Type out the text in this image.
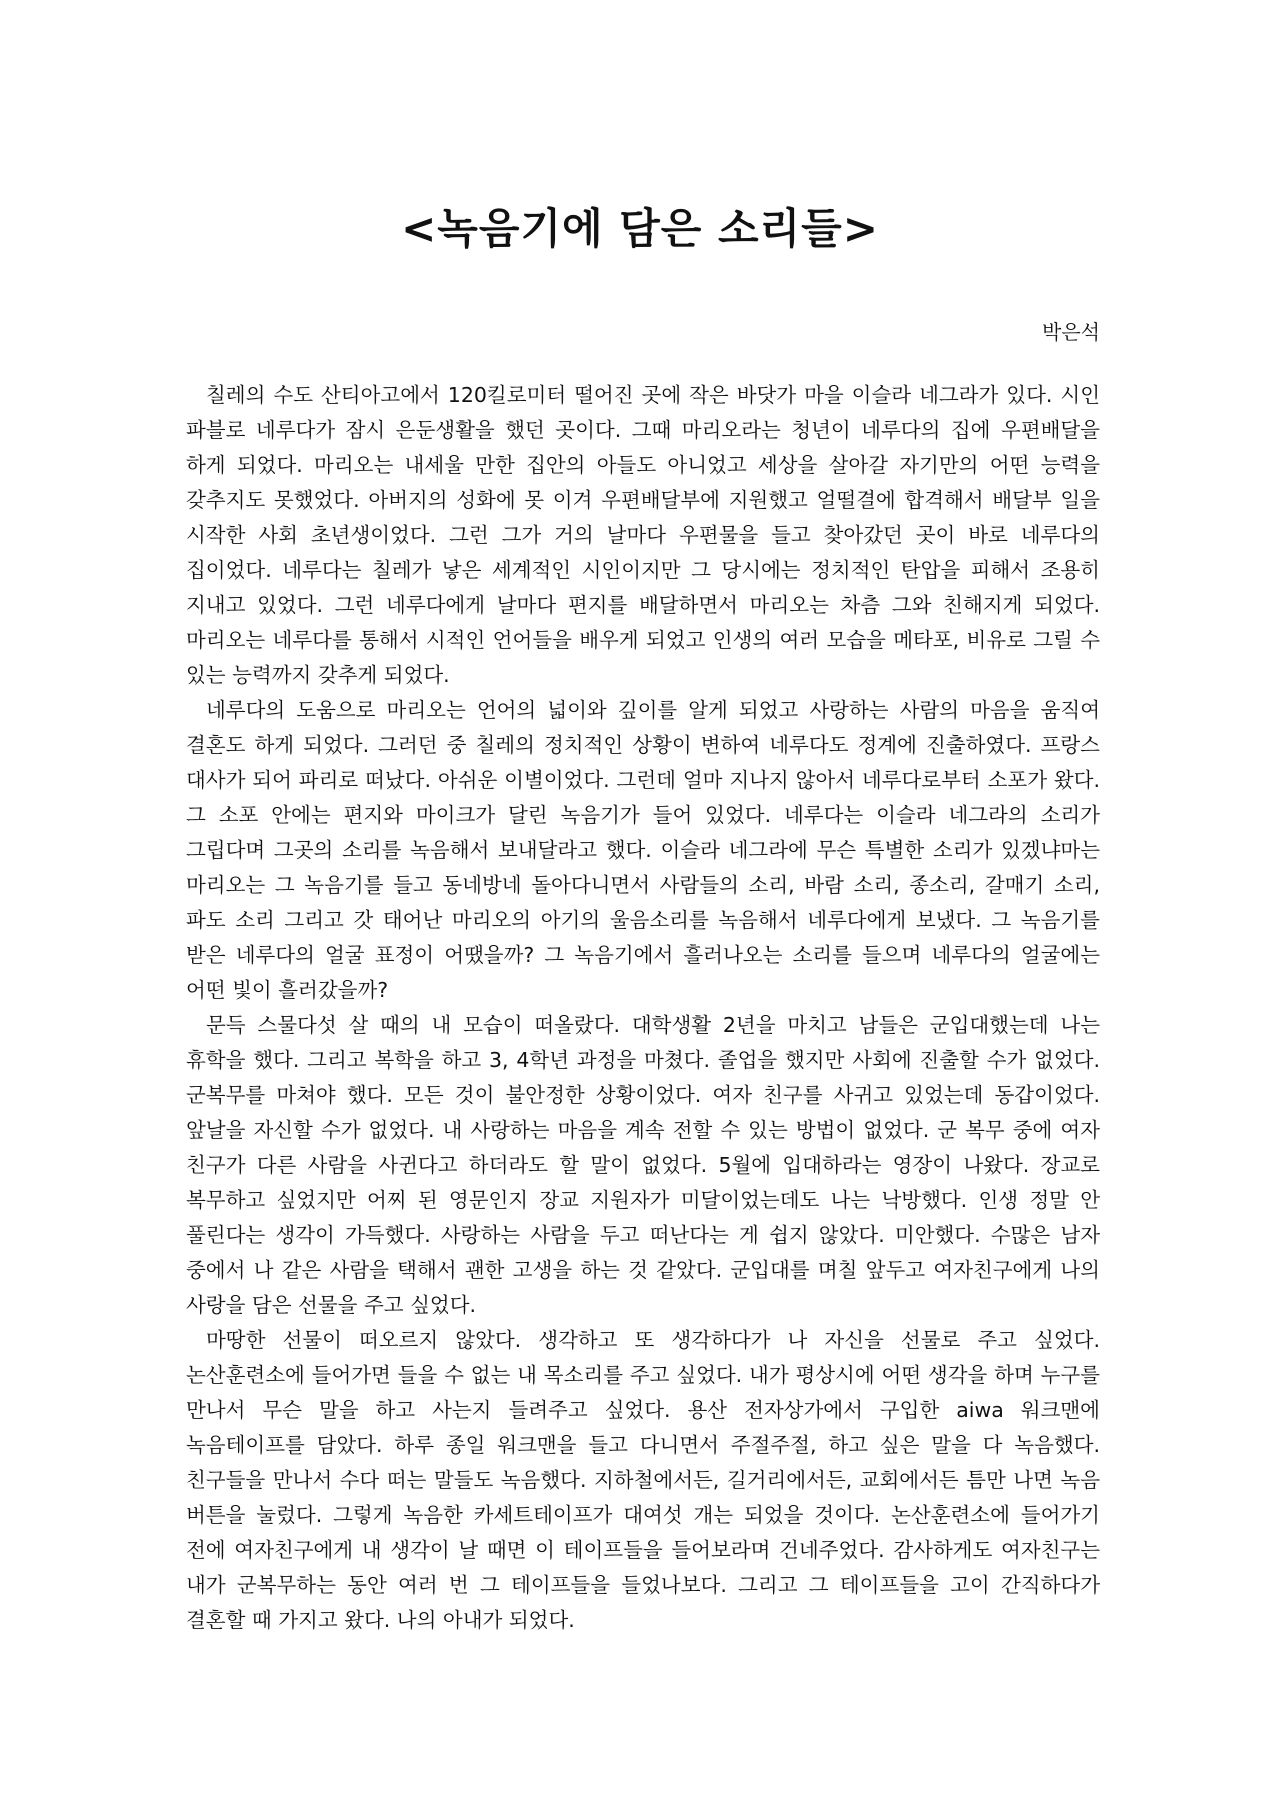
<녹음기에 담은 소리들>

박은석

칠레의 수도 산티아고에서 120킬로미터 떨어진 곳에 작은 바닷가 마을 이슬라 네그라가 있다. 시인 파블로 네루다가 잠시 은둔생활을 했던 곳이다. 그때 마리오라는 청년이 네루다의 집에 우편배달을 하게 되었다. 마리오는 내세울 만한 집안의 아들도 아니었고 세상을 살아갈 자기만의 어떤 능력을 갖추지도 못했었다. 아버지의 성화에 못 이겨 우편배달부에 지원했고 얼떨결에 합격해서 배달부 일을 시작한 사회 초년생이었다. 그런 그가 거의 날마다 우편물을 들고 찾아갔던 곳이 바로 네루다의 집이었다. 네루다는 칠레가 낳은 세계적인 시인이지만 그 당시에는 정치적인 탄압을 피해서 조용히 지내고 있었다. 그런 네루다에게 날마다 편지를 배달하면서 마리오는 차츰 그와 친해지게 되었다. 마리오는 네루다를 통해서 시적인 언어들을 배우게 되었고 인생의 여러 모습을 메타포, 비유로 그릴 수 있는 능력까지 갖추게 되었다.

네루다의 도움으로 마리오는 언어의 넓이와 깊이를 알게 되었고 사랑하는 사람의 마음을 움직여 결혼도 하게 되었다. 그러던 중 칠레의 정치적인 상황이 변하여 네루다도 정계에 진출하였다. 프랑스 대사가 되어 파리로 떠났다. 아쉬운 이별이었다. 그런데 얼마 지나지 않아서 네루다로부터 소포가 왔다. 그 소포 안에는 편지와 마이크가 달린 녹음기가 들어 있었다. 네루다는 이슬라 네그라의 소리가 그립다며 그곳의 소리를 녹음해서 보내달라고 했다. 이슬라 네그라에 무슨 특별한 소리가 있겠냐마는 마리오는 그 녹음기를 들고 동네방네 돌아다니면서 사람들의 소리, 바람 소리, 종소리, 갈매기 소리, 파도 소리 그리고 갓 태어난 마리오의 아기의 울음소리를 녹음해서 네루다에게 보냈다. 그 녹음기를 받은 네루다의 얼굴 표정이 어땠을까? 그 녹음기에서 흘러나오는 소리를 들으며 네루다의 얼굴에는 어떤 빛이 흘러갔을까?

문득 스물다섯 살 때의 내 모습이 떠올랐다. 대학생활 2년을 마치고 남들은 군입대했는데 나는 휴학을 했다. 그리고 복학을 하고 3, 4학년 과정을 마쳤다. 졸업을 했지만 사회에 진출할 수가 없었다. 군복무를 마쳐야 했다. 모든 것이 불안정한 상황이었다. 여자 친구를 사귀고 있었는데 동갑이었다. 앞날을 자신할 수가 없었다. 내 사랑하는 마음을 계속 전할 수 있는 방법이 없었다. 군 복무 중에 여자 친구가 다른 사람을 사귄다고 하더라도 할 말이 없었다. 5월에 입대하라는 영장이 나왔다. 장교로 복무하고 싶었지만 어찌 된 영문인지 장교 지원자가 미달이었는데도 나는 낙방했다. 인생 정말 안 풀린다는 생각이 가득했다. 사랑하는 사람을 두고 떠난다는 게 쉽지 않았다. 미안했다. 수많은 남자 중에서 나 같은 사람을 택해서 괜한 고생을 하는 것 같았다. 군입대를 며칠 앞두고 여자친구에게 나의 사랑을 담은 선물을 주고 싶었다.

마땅한 선물이 떠오르지 않았다. 생각하고 또 생각하다가 나 자신을 선물로 주고 싶었다. 논산훈련소에 들어가면 들을 수 없는 내 목소리를 주고 싶었다. 내가 평상시에 어떤 생각을 하며 누구를 만나서 무슨 말을 하고 사는지 들려주고 싶었다. 용산 전자상가에서 구입한 aiwa 워크맨에 녹음테이프를 담았다. 하루 종일 워크맨을 들고 다니면서 주절주절, 하고 싶은 말을 다 녹음했다. 친구들을 만나서 수다 떠는 말들도 녹음했다. 지하철에서든, 길거리에서든, 교회에서든 틈만 나면 녹음 버튼을 눌렀다. 그렇게 녹음한 카세트테이프가 대여섯 개는 되었을 것이다. 논산훈련소에 들어가기 전에 여자친구에게 내 생각이 날 때면 이 테이프들을 들어보라며 건네주었다. 감사하게도 여자친구는 내가 군복무하는 동안 여러 번 그 테이프들을 들었나보다. 그리고 그 테이프들을 고이 간직하다가 결혼할 때 가지고 왔다. 나의 아내가 되었다.
